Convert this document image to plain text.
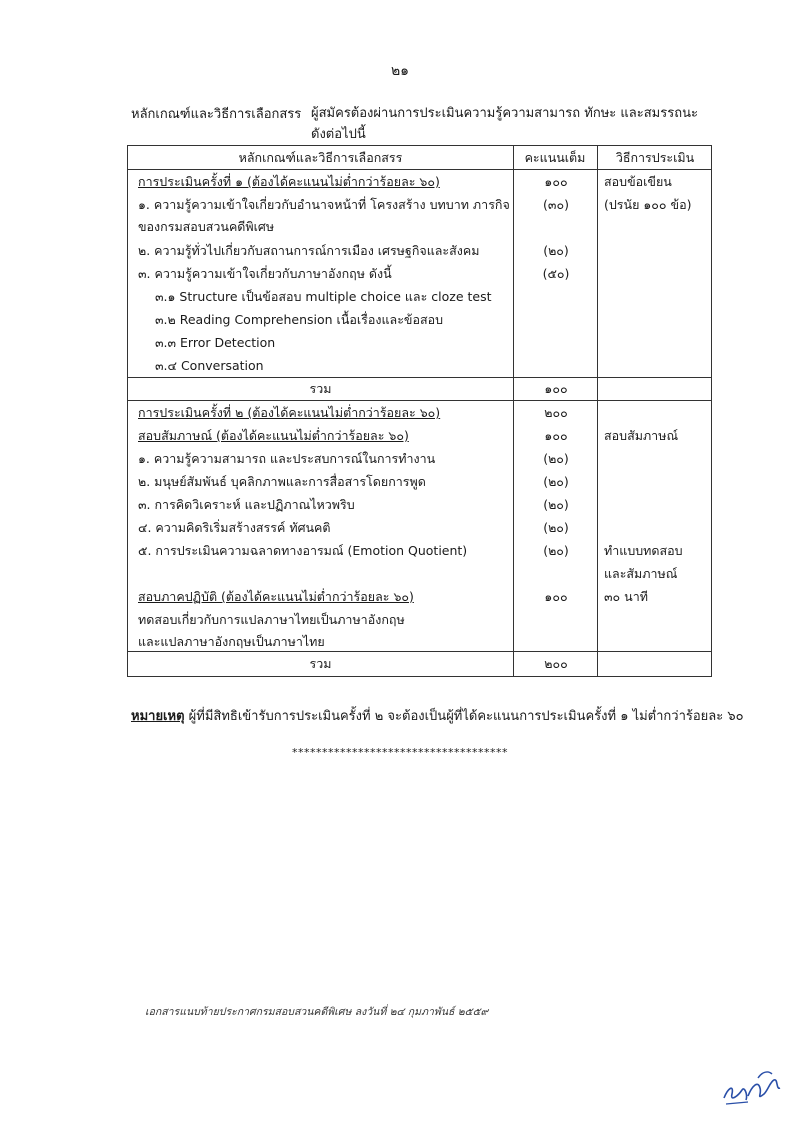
๒๑
หลักเกณฑ์และวิธีการเลือกสรร ผู้สมัครต้องผ่านการประเมินความรู้ความสามารถ ทักษะ และสมรรถนะ ดังต่อไปนี้
หลักเกณฑ์และวิธีการเลือกสรร	คะแนนเต็ม	วิธีการประเมิน
การประเมินครั้งที่ ๑ (ต้องได้คะแนนไม่ต่ำกว่าร้อยละ ๖๐)	๑๐๐	สอบข้อเขียน
๑. ความรู้ความเข้าใจเกี่ยวกับอำนาจหน้าที่ โครงสร้าง บทบาท ภารกิจ	(๓๐)	(ปรนัย ๑๐๐ ข้อ)
ของกรมสอบสวนคดีพิเศษ
๒. ความรู้ทั่วไปเกี่ยวกับสถานการณ์การเมือง เศรษฐกิจและสังคม	(๒๐)
๓. ความรู้ความเข้าใจเกี่ยวกับภาษาอังกฤษ ดังนี้	(๕๐)
๓.๑ Structure เป็นข้อสอบ multiple choice และ cloze test
๓.๒ Reading Comprehension เนื้อเรื่องและข้อสอบ
๓.๓ Error Detection
๓.๔ Conversation
รวม	๑๐๐
การประเมินครั้งที่ ๒ (ต้องได้คะแนนไม่ต่ำกว่าร้อยละ ๖๐)	๒๐๐
สอบสัมภาษณ์ (ต้องได้คะแนนไม่ต่ำกว่าร้อยละ ๖๐)	๑๐๐	สอบสัมภาษณ์
๑. ความรู้ความสามารถ และประสบการณ์ในการทำงาน	(๒๐)
๒. มนุษย์สัมพันธ์ บุคลิกภาพและการสื่อสารโดยการพูด	(๒๐)
๓. การคิดวิเคราะห์ และปฏิภาณไหวพริบ	(๒๐)
๔. ความคิดริเริ่มสร้างสรรค์ ทัศนคติ	(๒๐)
๕. การประเมินความฉลาดทางอารมณ์ (Emotion Quotient)	(๒๐)	ทำแบบทดสอบ
และสัมภาษณ์
สอบภาคปฏิบัติ (ต้องได้คะแนนไม่ต่ำกว่าร้อยละ ๖๐)	๑๐๐	๓๐ นาที
ทดสอบเกี่ยวกับการแปลภาษาไทยเป็นภาษาอังกฤษ
และแปลภาษาอังกฤษเป็นภาษาไทย
รวม	๒๐๐
หมายเหตุ ผู้ที่มีสิทธิเข้ารับการประเมินครั้งที่ ๒ จะต้องเป็นผู้ที่ได้คะแนนการประเมินครั้งที่ ๑ ไม่ต่ำกว่าร้อยละ ๖๐
************************************
เอกสารแนบท้ายประกาศกรมสอบสวนคดีพิเศษ ลงวันที่ ๒๔ กุมภาพันธ์ ๒๕๕๙
